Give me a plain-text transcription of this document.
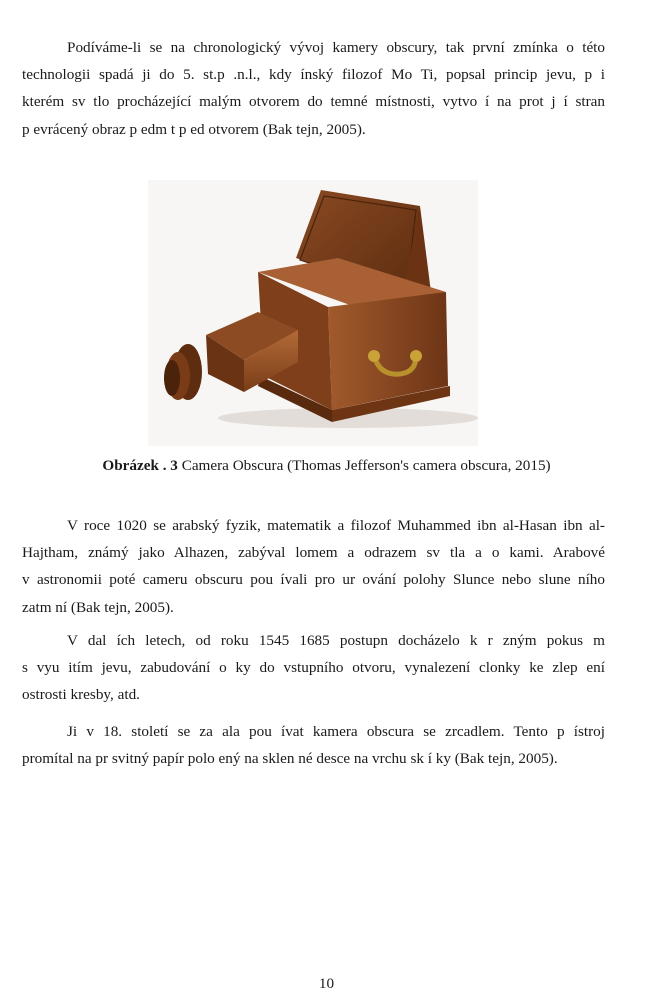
Podíváme-li se na chronologický vývoj kamery obscury, tak první zmínka o této
technologii spadá ji do 5. st.p .n.l., kdy ínský filozof Mo Ti, popsal princip jevu, p i
kterém sv tlo procházející malým otvorem do temné místnosti, vytvo í na prot j í stran
p evrácený obraz p edm t p ed otvorem (Bak tejn, 2005).
Obrázek . 3 Camera Obscura (Thomas Jefferson's camera obscura, 2015)
V roce 1020 se arabský fyzik, matematik a filozof Muhammed ibn al-Hasan ibn al-
Hajtham, známý jako Alhazen, zabýval lomem a odrazem sv tla a o kami. Arabové
v astronomii poté cameru obscuru pou ívali pro ur ování polohy Slunce nebo slune ního
zatm ní (Bak tejn, 2005).
V dal ích letech, od roku 1545 1685 postupn docházelo k r zným pokus m
s vyu itím jevu, zabudování o ky do vstupního otvoru, vynalezení clonky ke zlep ení
ostrosti kresby, atd.
Ji v 18. století se za ala pou ívat kamera obscura se zrcadlem. Tento p ístroj
promítal na pr svitný papír polo ený na sklen né desce na vrchu sk í ky (Bak tejn, 2005).
10
